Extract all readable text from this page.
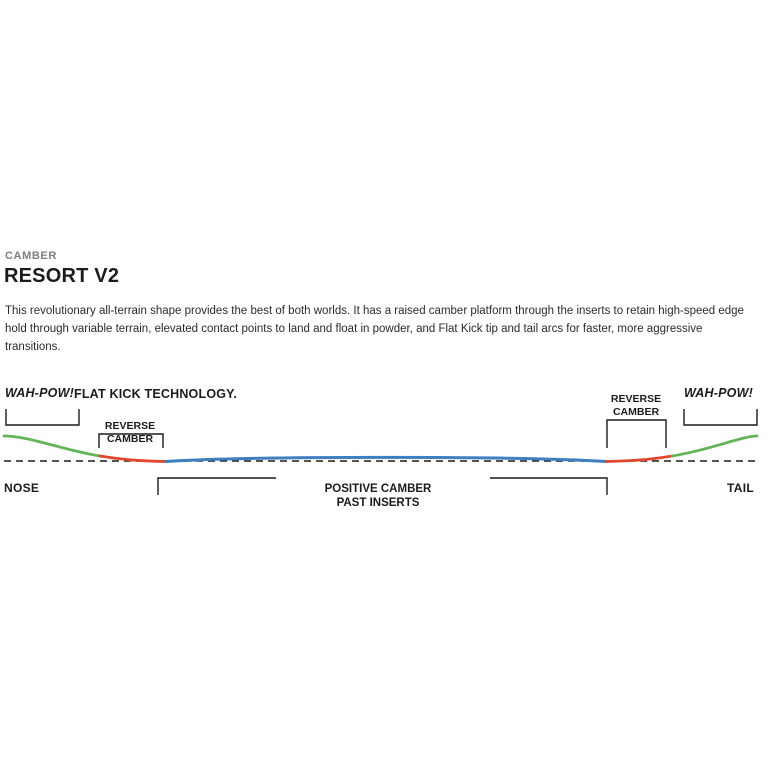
CAMBER
RESORT V2
This revolutionary all-terrain shape provides the best of both worlds. It has a raised camber platform through the inserts to retain high-speed edge hold through variable terrain, elevated contact points to land and float in powder, and Flat Kick tip and tail arcs for faster, more aggressive transitions.
WAH-POW! FLAT KICK TECHNOLOGY.	WAH-POW!
REVERSE
CAMBER
REVERSE
CAMBER
NOSE	TAIL
POSITIVE CAMBER
PAST INSERTS
